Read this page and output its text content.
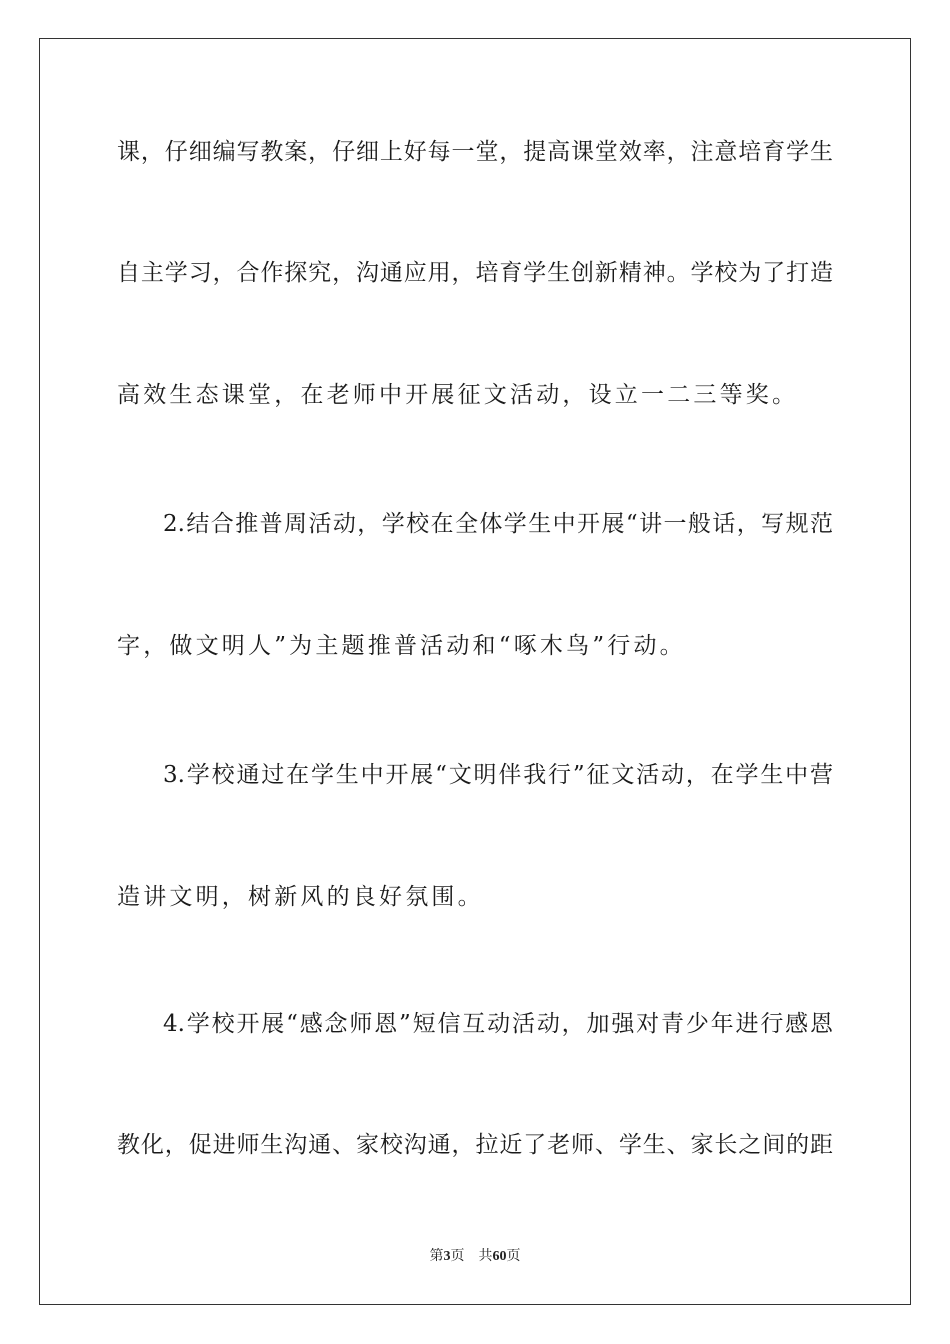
课，仔细编写教案，仔细上好每一堂，提高课堂效率，注意培育学生
自主学习，合作探究，沟通应用，培育学生创新精神。学校为了打造
高效生态课堂，在老师中开展征文活动，设立一二三等奖。
2.结合推普周活动，学校在全体学生中开展“讲一般话，写规范
字，做文明人”为主题推普活动和“啄木鸟”行动。
3.学校通过在学生中开展“文明伴我行”征文活动，在学生中营
造讲文明，树新风的良好氛围。
4.学校开展“感念师恩”短信互动活动，加强对青少年进行感恩
教化，促进师生沟通、家校沟通，拉近了老师、学生、家长之间的距
第3页 共60页
